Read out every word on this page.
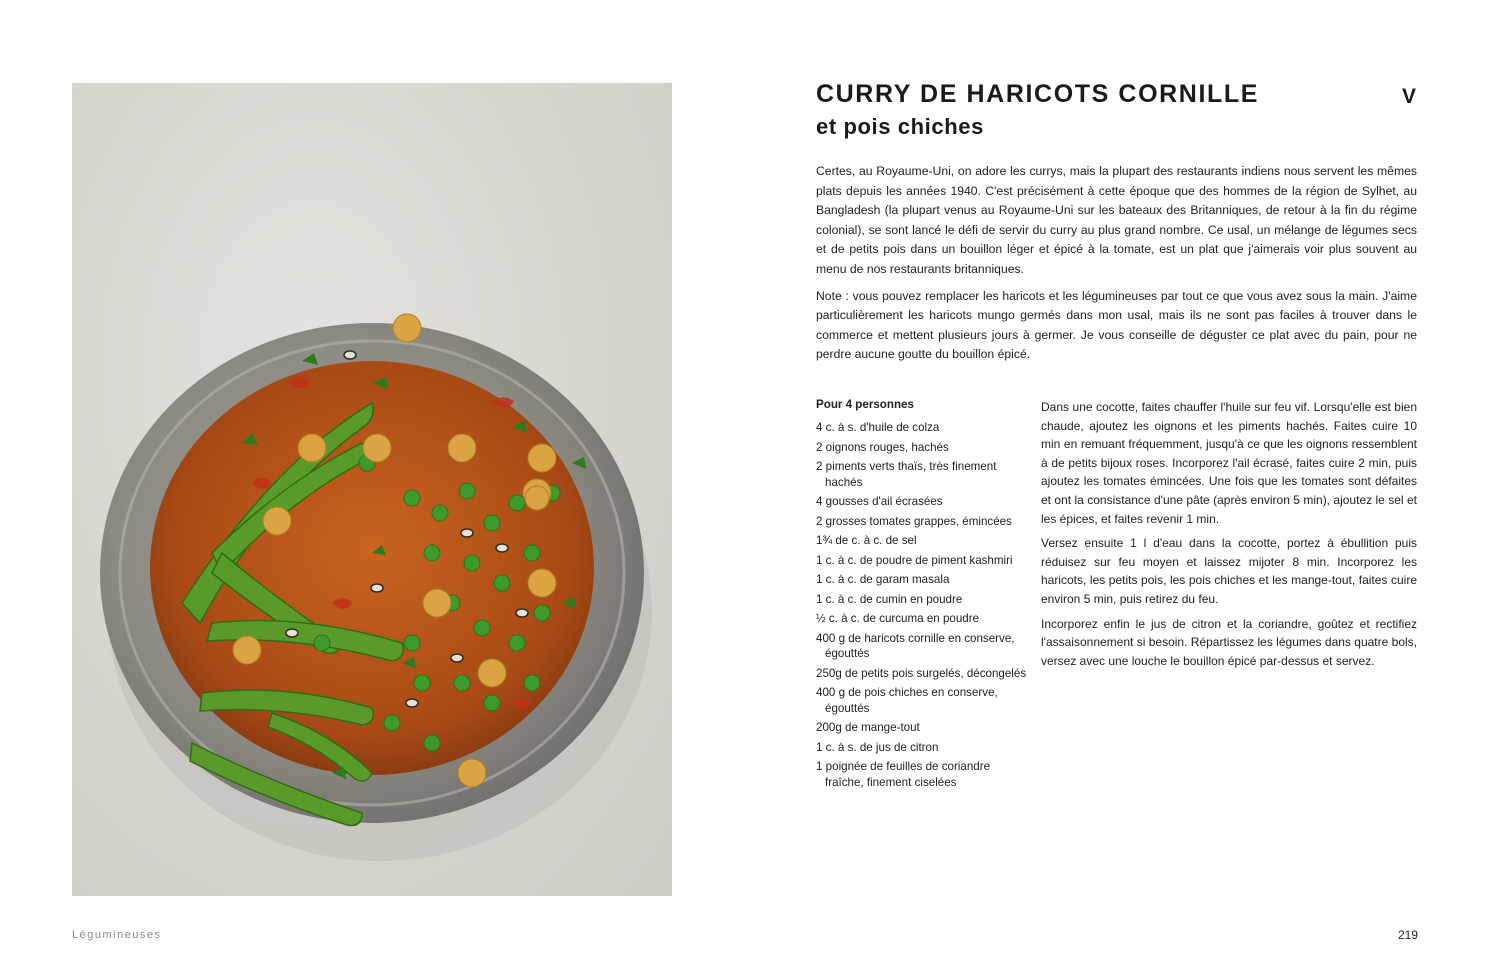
CURRY DE HARICOTS CORNILLE
et pois chiches
V

Certes, au Royaume-Uni, on adore les currys, mais la plupart des restaurants indiens nous servent les mêmes plats depuis les années 1940. C'est précisément à cette époque que des hommes de la région de Sylhet, au Bangladesh (la plupart venus au Royaume-Uni sur les bateaux des Britanniques, de retour à la fin du régime colonial), se sont lancé le défi de servir du curry au plus grand nombre. Ce usal, un mélange de légumes secs et de petits pois dans un bouillon léger et épicé à la tomate, est un plat que j'aimerais voir plus souvent au menu de nos restaurants britanniques.

Note : vous pouvez remplacer les haricots et les légumineuses par tout ce que vous avez sous la main. J'aime particulièrement les haricots mungo germés dans mon usal, mais ils ne sont pas faciles à trouver dans le commerce et mettent plusieurs jours à germer. Je vous conseille de déguster ce plat avec du pain, pour ne perdre aucune goutte du bouillon épicé.

Pour 4 personnes
4 c. à s. d'huile de colza
2 oignons rouges, hachés
2 piments verts thaïs, très finement hachés
4 gousses d'ail écrasées
2 grosses tomates grappes, émincées
1¾ de c. à c. de sel
1 c. à c. de poudre de piment kashmiri
1 c. à c. de garam masala
1 c. à c. de cumin en poudre
½ c. à c. de curcuma en poudre
400 g de haricots cornille en conserve, égouttés
250g de petits pois surgelés, décongelés
400 g de pois chiches en conserve, égouttés
200g de mange-tout
1 c. à s. de jus de citron
1 poignée de feuilles de coriandre fraîche, finement ciselées

Dans une cocotte, faites chauffer l'huile sur feu vif. Lorsqu'elle est bien chaude, ajoutez les oignons et les piments hachés. Faites cuire 10 min en remuant fréquemment, jusqu'à ce que les oignons ressemblent à de petits bijoux roses. Incorporez l'ail écrasé, faites cuire 2 min, puis ajoutez les tomates émincées. Une fois que les tomates sont défaites et ont la consistance d'une pâte (après environ 5 min), ajoutez le sel et les épices, et faites revenir 1 min.

Versez ensuite 1 l d'eau dans la cocotte, portez à ébullition puis réduisez sur feu moyen et laissez mijoter 8 min. Incorporez les haricots, les petits pois, les pois chiches et les mange-tout, faites cuire environ 5 min, puis retirez du feu.

Incorporez enfin le jus de citron et la coriandre, goûtez et rectifiez l'assaisonnement si besoin. Répartissez les légumes dans quatre bols, versez avec une louche le bouillon épicé par-dessus et servez.

Légumineuses	219
